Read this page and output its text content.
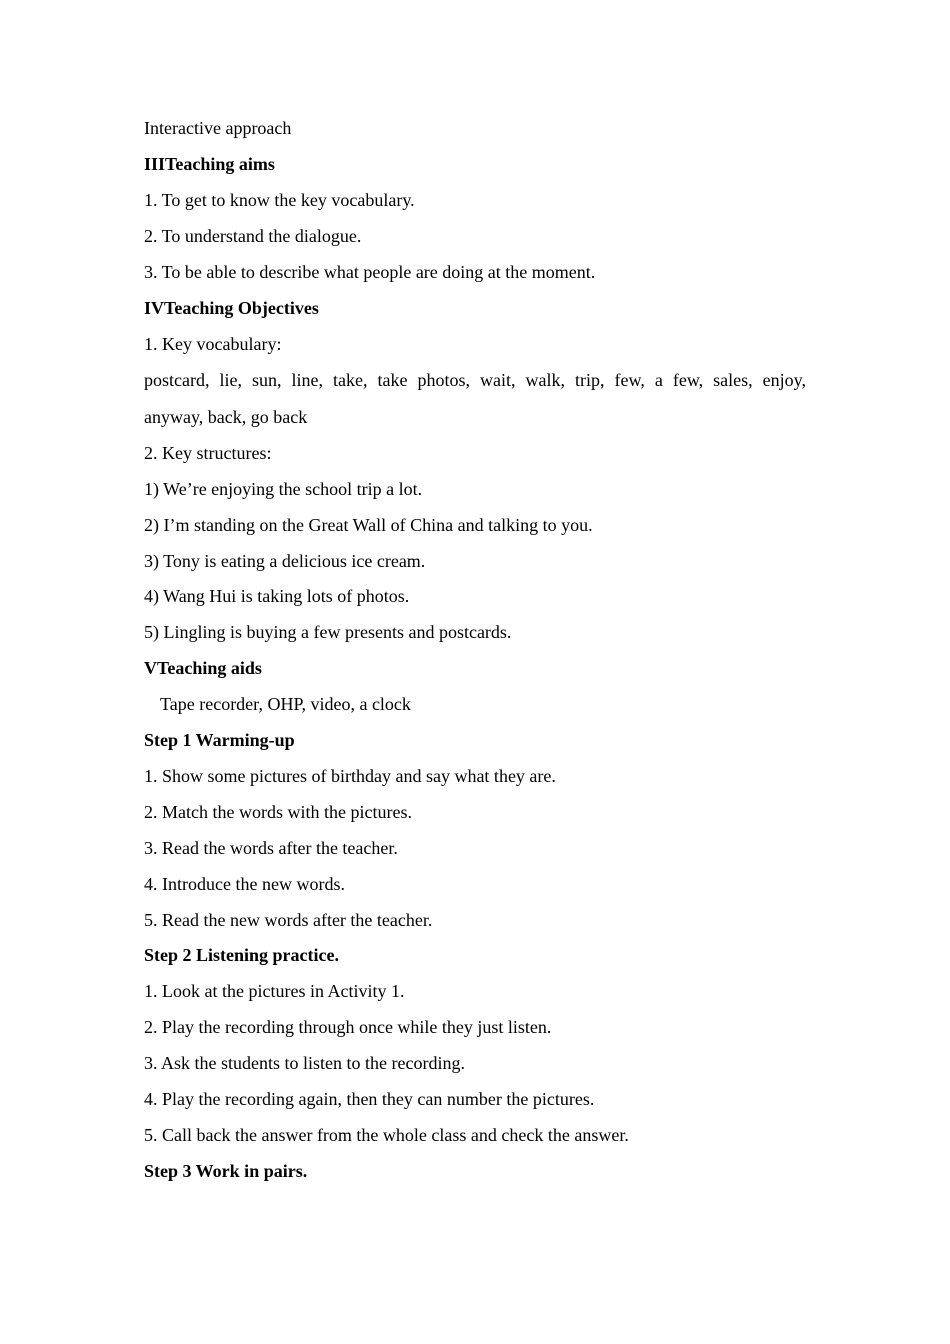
Interactive approach
IIITeaching aims
1. To get to know the key vocabulary.
2. To understand the dialogue.
3. To be able to describe what people are doing at the moment.
IVTeaching Objectives
1. Key vocabulary:
postcard, lie, sun, line, take, take photos, wait, walk, trip, few, a few, sales, enjoy,
anyway, back, go back
2. Key structures:
1) We’re enjoying the school trip a lot.
2) I’m standing on the Great Wall of China and talking to you.
3) Tony is eating a delicious ice cream.
4) Wang Hui is taking lots of photos.
5) Lingling is buying a few presents and postcards.
VTeaching aids
Tape recorder, OHP, video, a clock
Step 1 Warming-up
1. Show some pictures of birthday and say what they are.
2. Match the words with the pictures.
3. Read the words after the teacher.
4. Introduce the new words.
5. Read the new words after the teacher.
Step 2 Listening practice.
1. Look at the pictures in Activity 1.
2. Play the recording through once while they just listen.
3. Ask the students to listen to the recording.
4. Play the recording again, then they can number the pictures.
5. Call back the answer from the whole class and check the answer.
Step 3 Work in pairs.
